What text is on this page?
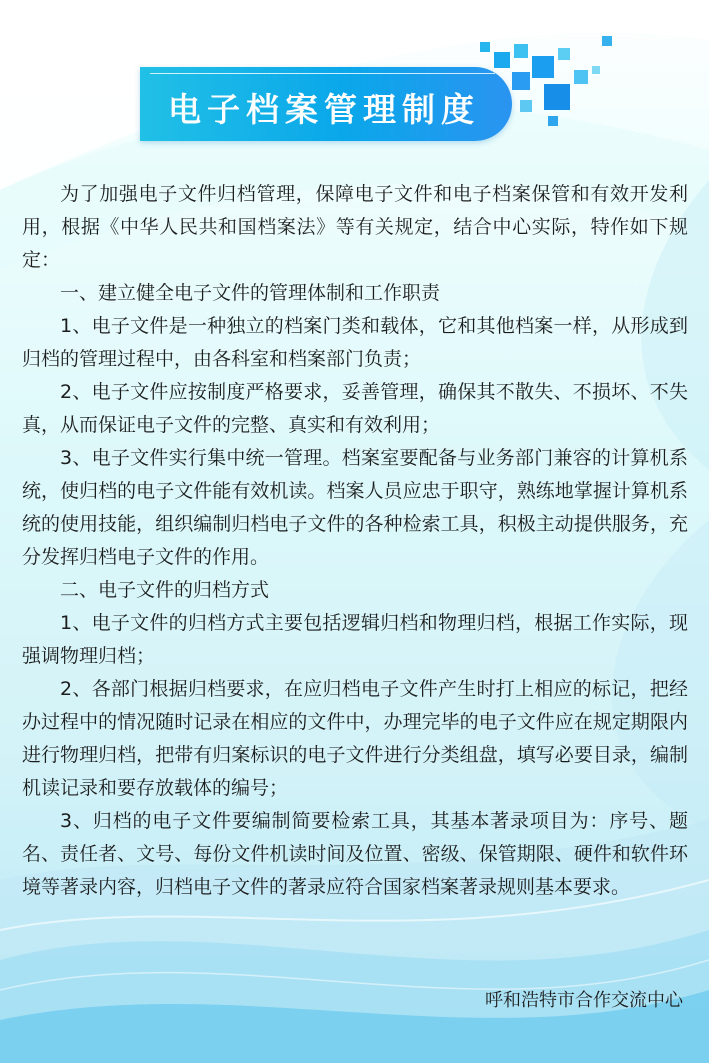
电子档案管理制度

为了加强电子文件归档管理，保障电子文件和电子档案保管和有效开发利用，根据《中华人民共和国档案法》等有关规定，结合中心实际，特作如下规定：

一、建立健全电子文件的管理体制和工作职责

1、电子文件是一种独立的档案门类和载体，它和其他档案一样，从形成到归档的管理过程中，由各科室和档案部门负责；

2、电子文件应按制度严格要求，妥善管理，确保其不散失、不损坏、不失真，从而保证电子文件的完整、真实和有效利用；

3、电子文件实行集中统一管理。档案室要配备与业务部门兼容的计算机系统，使归档的电子文件能有效机读。档案人员应忠于职守，熟练地掌握计算机系统的使用技能，组织编制归档电子文件的各种检索工具，积极主动提供服务，充分发挥归档电子文件的作用。

二、电子文件的归档方式

1、电子文件的归档方式主要包括逻辑归档和物理归档，根据工作实际，现强调物理归档；

2、各部门根据归档要求，在应归档电子文件产生时打上相应的标记，把经办过程中的情况随时记录在相应的文件中，办理完毕的电子文件应在规定期限内进行物理归档，把带有归案标识的电子文件进行分类组盘，填写必要目录，编制机读记录和要存放载体的编号；

3、归档的电子文件要编制简要检索工具，其基本著录项目为：序号、题名、责任者、文号、每份文件机读时间及位置、密级、保管期限、硬件和软件环境等著录内容，归档电子文件的著录应符合国家档案著录规则基本要求。

呼和浩特市合作交流中心
